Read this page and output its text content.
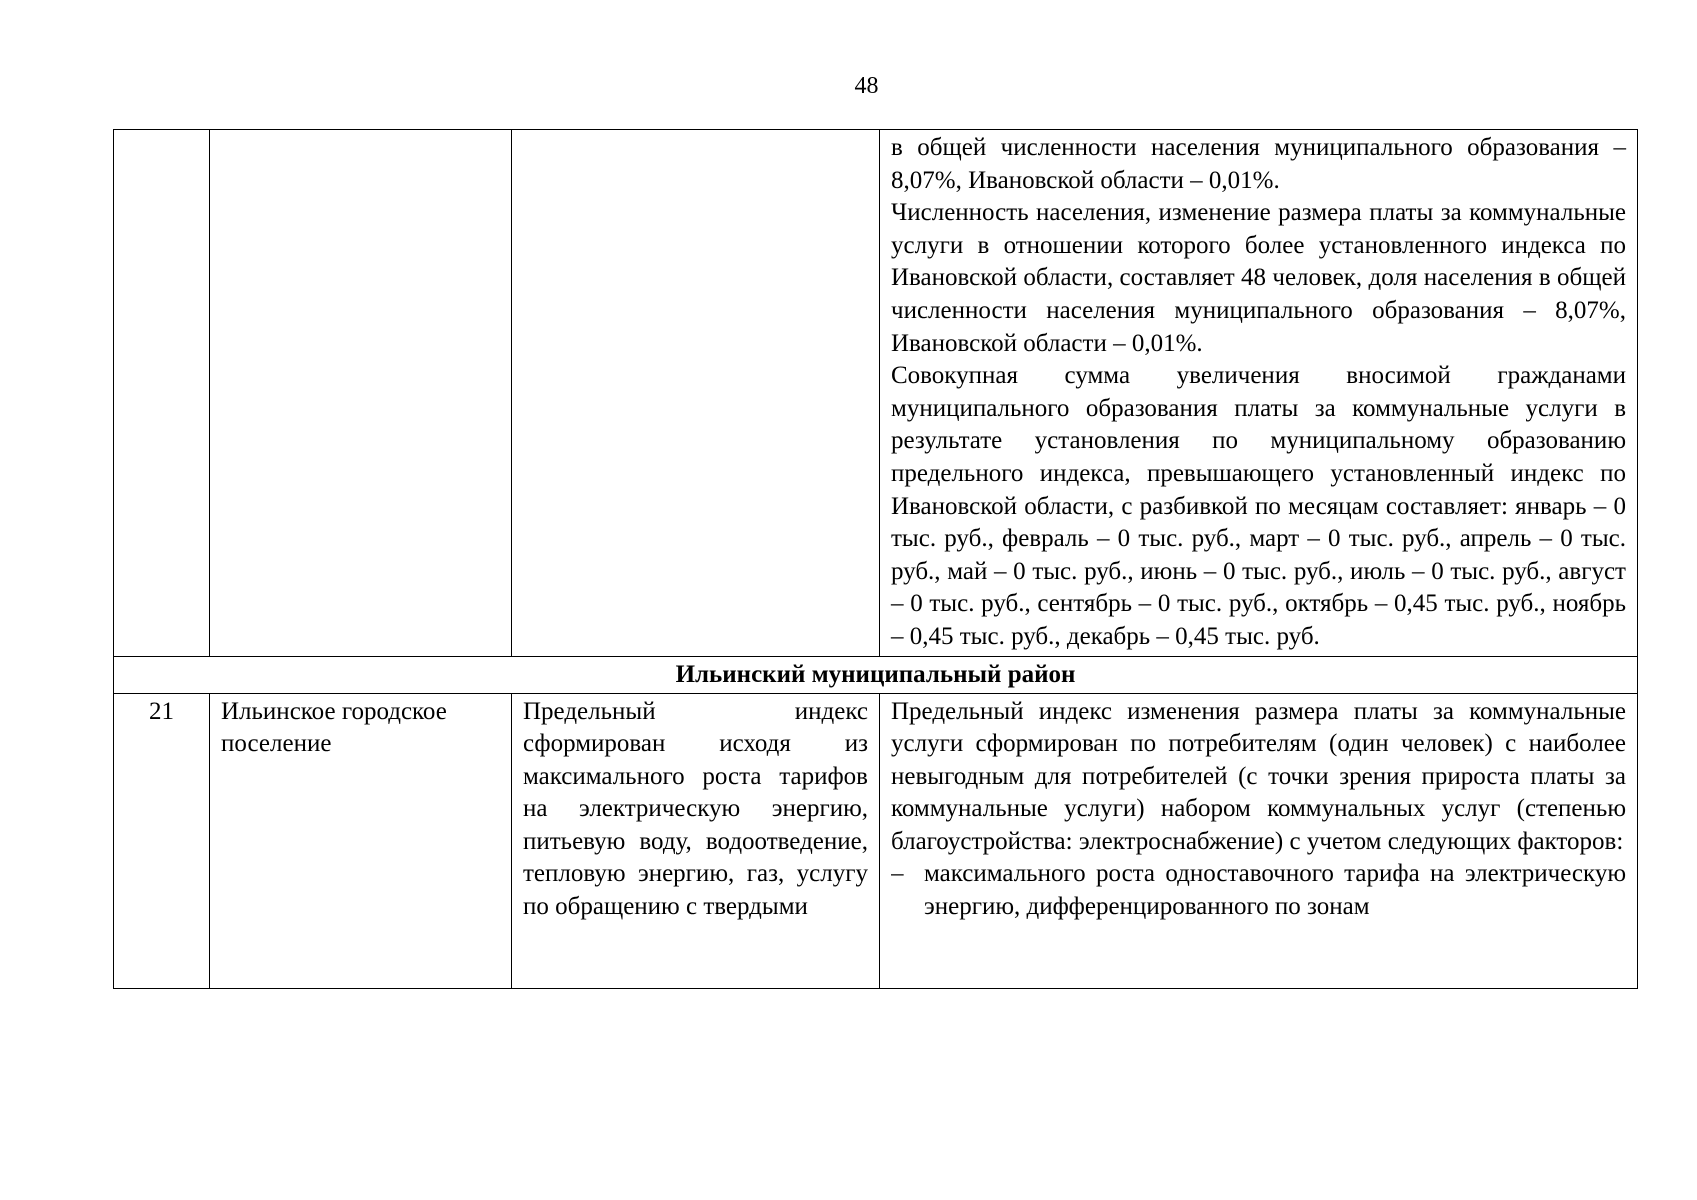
48

			в общей численности населения муниципального образования – 8,07%, Ивановской области – 0,01%.

Численность населения, изменение размера платы за коммунальные услуги в отношении которого более установленного индекса по Ивановской области, составляет 48 человек, доля населения в общей численности населения муниципального образования – 8,07%, Ивановской области – 0,01%.

Совокупная сумма увеличения вносимой гражданами муниципального образования платы за коммунальные услуги в результате установления по муниципальному образованию предельного индекса, превышающего установленный индекс по Ивановской области, с разбивкой по месяцам составляет: январь – 0 тыс. руб., февраль – 0 тыс. руб., март – 0 тыс. руб., апрель – 0 тыс. руб., май – 0 тыс. руб., июнь – 0 тыс. руб., июль – 0 тыс. руб., август – 0 тыс. руб., сентябрь – 0 тыс. руб., октябрь – 0,45 тыс. руб., ноябрь – 0,45 тыс. руб., декабрь – 0,45 тыс. руб.

Ильинский муниципальный район			
21	Ильинское городское поселение	Предельный индекс сформирован исходя из максимального роста тарифов на электрическую энергию, питьевую воду, водоотведение, тепловую энергию, газ, услугу по обращению с твердыми	Предельный индекс изменения размера платы за коммунальные услуги сформирован по потребителям (один человек) с наиболее невыгодным для потребителей (с точки зрения прироста платы за коммунальные услуги) набором коммунальных услуг (степенью благоустройства: электроснабжение) с учетом следующих факторов:

– максимального роста одноставочного тарифа на электрическую энергию, дифференцированного по зонам
